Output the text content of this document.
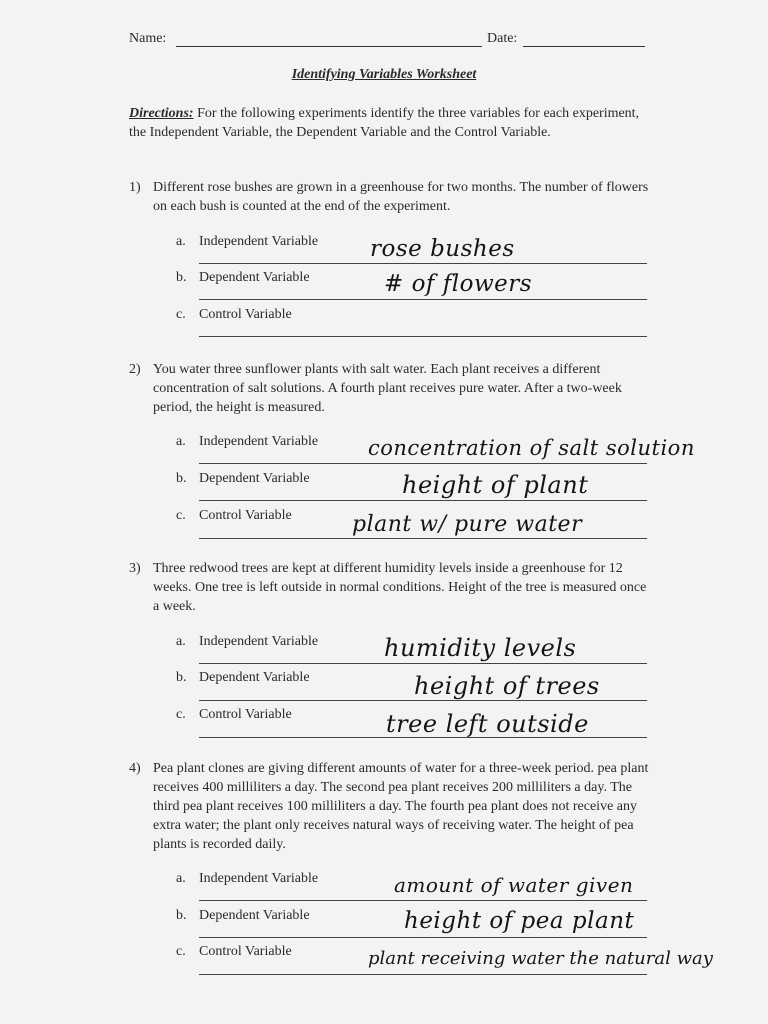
Name:	Date:
Identifying Variables Worksheet
Directions: For the following experiments identify the three variables for each experiment, the Independent Variable, the Dependent Variable and the Control Variable.
1) Different rose bushes are grown in a greenhouse for two months. The number of flowers on each bush is counted at the end of the experiment.
a. Independent Variable rose bushes
b. Dependent Variable	# of flowers
c. Control Variable
2) You water three sunflower plants with salt water. Each plant receives a different concentration of salt solutions. A fourth plant receives pure water. After a two-week period, the height is measured.
a. Independent Variable concentration of salt solution
b. Dependent Variable	height of plant
c. Control Variable	plant w/ pure water
3) Three redwood trees are kept at different humidity levels inside a greenhouse for 12 weeks. One tree is left outside in normal conditions. Height of the tree is measured once a week.
a. Independent Variable	humidity levels
b. Dependent Variable	height of trees
c. Control Variable	tree left outside
4) Pea plant clones are giving different amounts of water for a three-week period. pea plant receives 400 milliliters a day. The second pea plant receives 200 milliliters a day. The third pea plant receives 100 milliliters a day. The fourth pea plant does not receive any extra water; the plant only receives natural ways of receiving water. The height of pea plants is recorded daily.
a. Independent Variable	amount of water given
b. Dependent Variable	height of pea plant
c. Control Variable	plant receiving water the natural way
